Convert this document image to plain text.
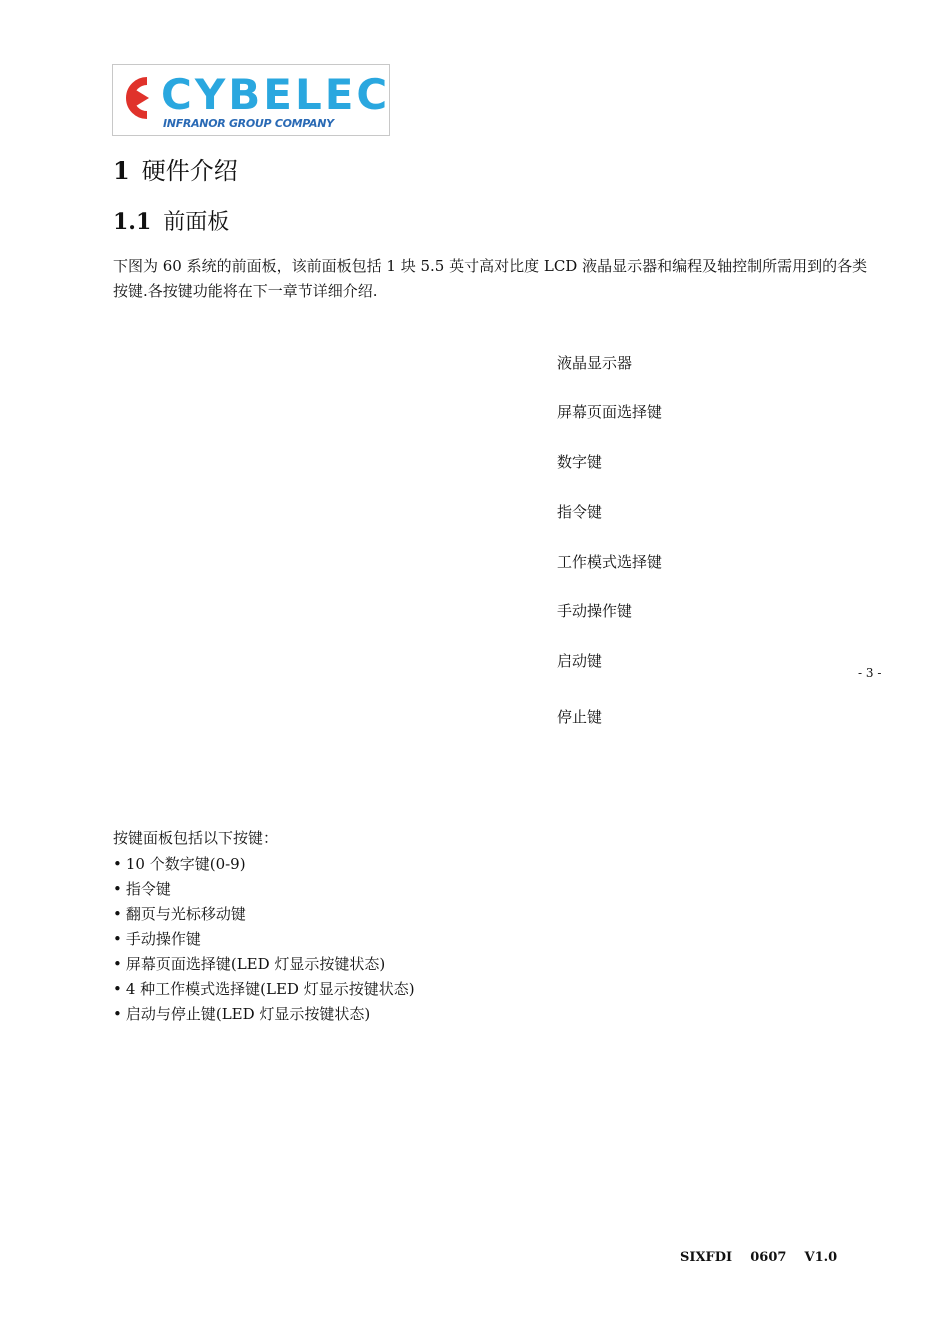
CYBELEC
INFRANOR GROUP COMPANY
1 硬件介绍
1.1 前面板
下图为 60 系统的前面板，该前面板包括 1 块 5.5 英寸高对比度 LCD 液晶显示器和编程及轴控制所需用到的各类按键.各按键功能将在下一章节详细介绍.
液晶显示器
屏幕页面选择键
数字键
指令键
工作模式选择键
手动操作键
启动键
停止键
- 3 -
按键面板包括以下按键：
• 10 个数字键(0-9)
• 指令键
• 翻页与光标移动键
• 手动操作键
• 屏幕页面选择键(LED 灯显示按键状态)
• 4 种工作模式选择键(LED 灯显示按键状态)
• 启动与停止键(LED 灯显示按键状态)
SIXFDI    0607    V1.0
